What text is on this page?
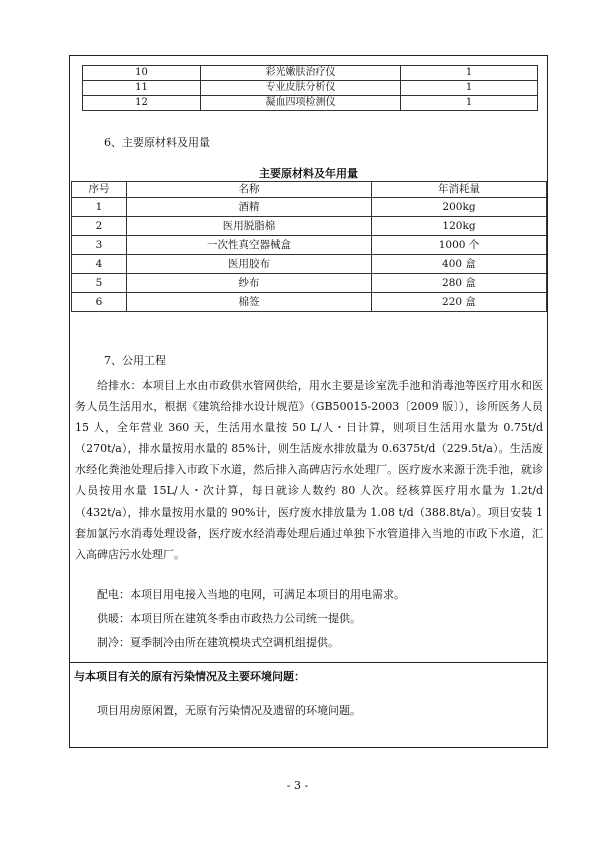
10	彩光嫩肤治疗仪	1
11	专业皮肤分析仪	1
12	凝血四项检测仪	1
6、主要原材料及用量
主要原材料及年用量
序号	名称	年消耗量
1	酒精	200kg
2	医用脱脂棉	120kg
3	一次性真空器械盒	1000 个
4	医用胶布	400 盒
5	纱布	280 盒
6	棉签	220 盒
7、公用工程

给排水：本项目上水由市政供水管网供给，用水主要是诊室洗手池和消毒池等医疗用水和医务人员生活用水，根据《建筑给排水设计规范》（GB50015-2003〔2009 版〕），诊所医务人员 15 人，全年营业 360 天，生活用水量按 50 L/人・日计算，则项目生活用水量为 0.75t/d（270t/a），排水量按用水量的 85%计，则生活废水排放量为 0.6375t/d（229.5t/a）。生活废水经化粪池处理后排入市政下水道，然后排入高碑店污水处理厂。医疗废水来源于洗手池，就诊人员按用水量 15L/人・次计算，每日就诊人数约 80 人次。经核算医疗用水量为 1.2t/d（432t/a），排水量按用水量的 90%计，医疗废水排放量为 1.08 t/d（388.8t/a）。项目安装 1 套加氯污水消毒处理设备，医疗废水经消毒处理后通过单独下水管道排入当地的市政下水道，汇入高碑店污水处理厂。

配电：本项目用电接入当地的电网，可满足本项目的用电需求。
供暖：本项目所在建筑冬季由市政热力公司统一提供。
制冷：夏季制冷由所在建筑模块式空调机组提供。
与本项目有关的原有污染情况及主要环境问题：
项目用房原闲置，无原有污染情况及遗留的环境问题。
- 3 -
